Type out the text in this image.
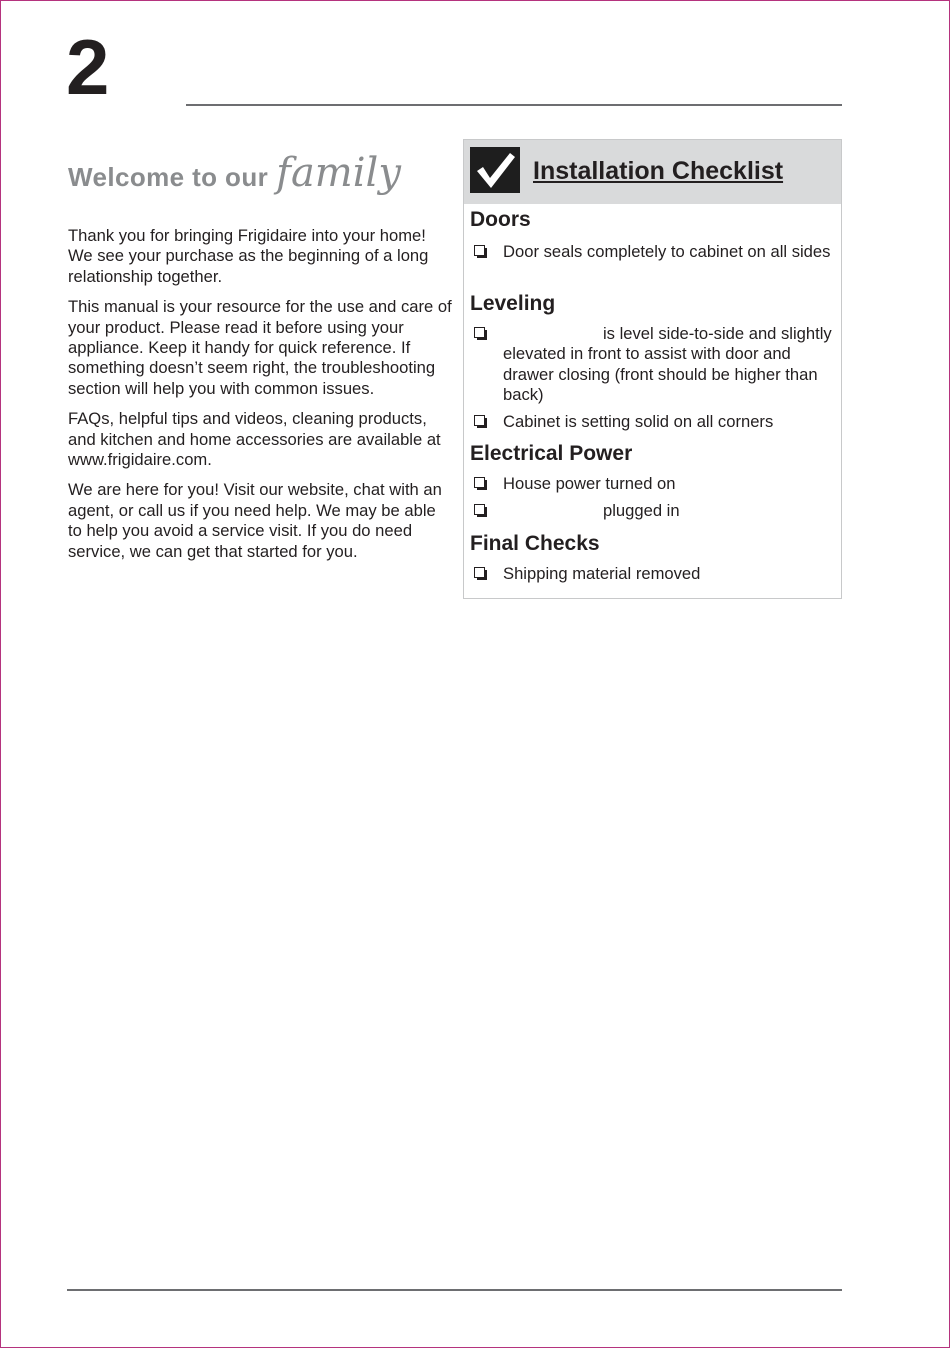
2
Welcome to our family

Thank you for bringing Frigidaire into your home! We see your purchase as the beginning of a long relationship together.

This manual is your resource for the use and care of your product. Please read it before using your appliance. Keep it handy for quick reference. If something doesn’t seem right, the troubleshooting section will help you with common issues.

FAQs, helpful tips and videos, cleaning products, and kitchen and home accessories are available at www.frigidaire.com.

We are here for you! Visit our website, chat with an agent, or call us if you need help. We may be able to help you avoid a service visit. If you do need service, we can get that started for you.

Installation Checklist
Doors
Door seals completely to cabinet on all sides
Leveling
is level side-to-side and slightly elevated in front to assist with door and drawer closing (front should be higher than back)
Cabinet is setting solid on all corners
Electrical Power
House power turned on
plugged in
Final Checks
Shipping material removed
